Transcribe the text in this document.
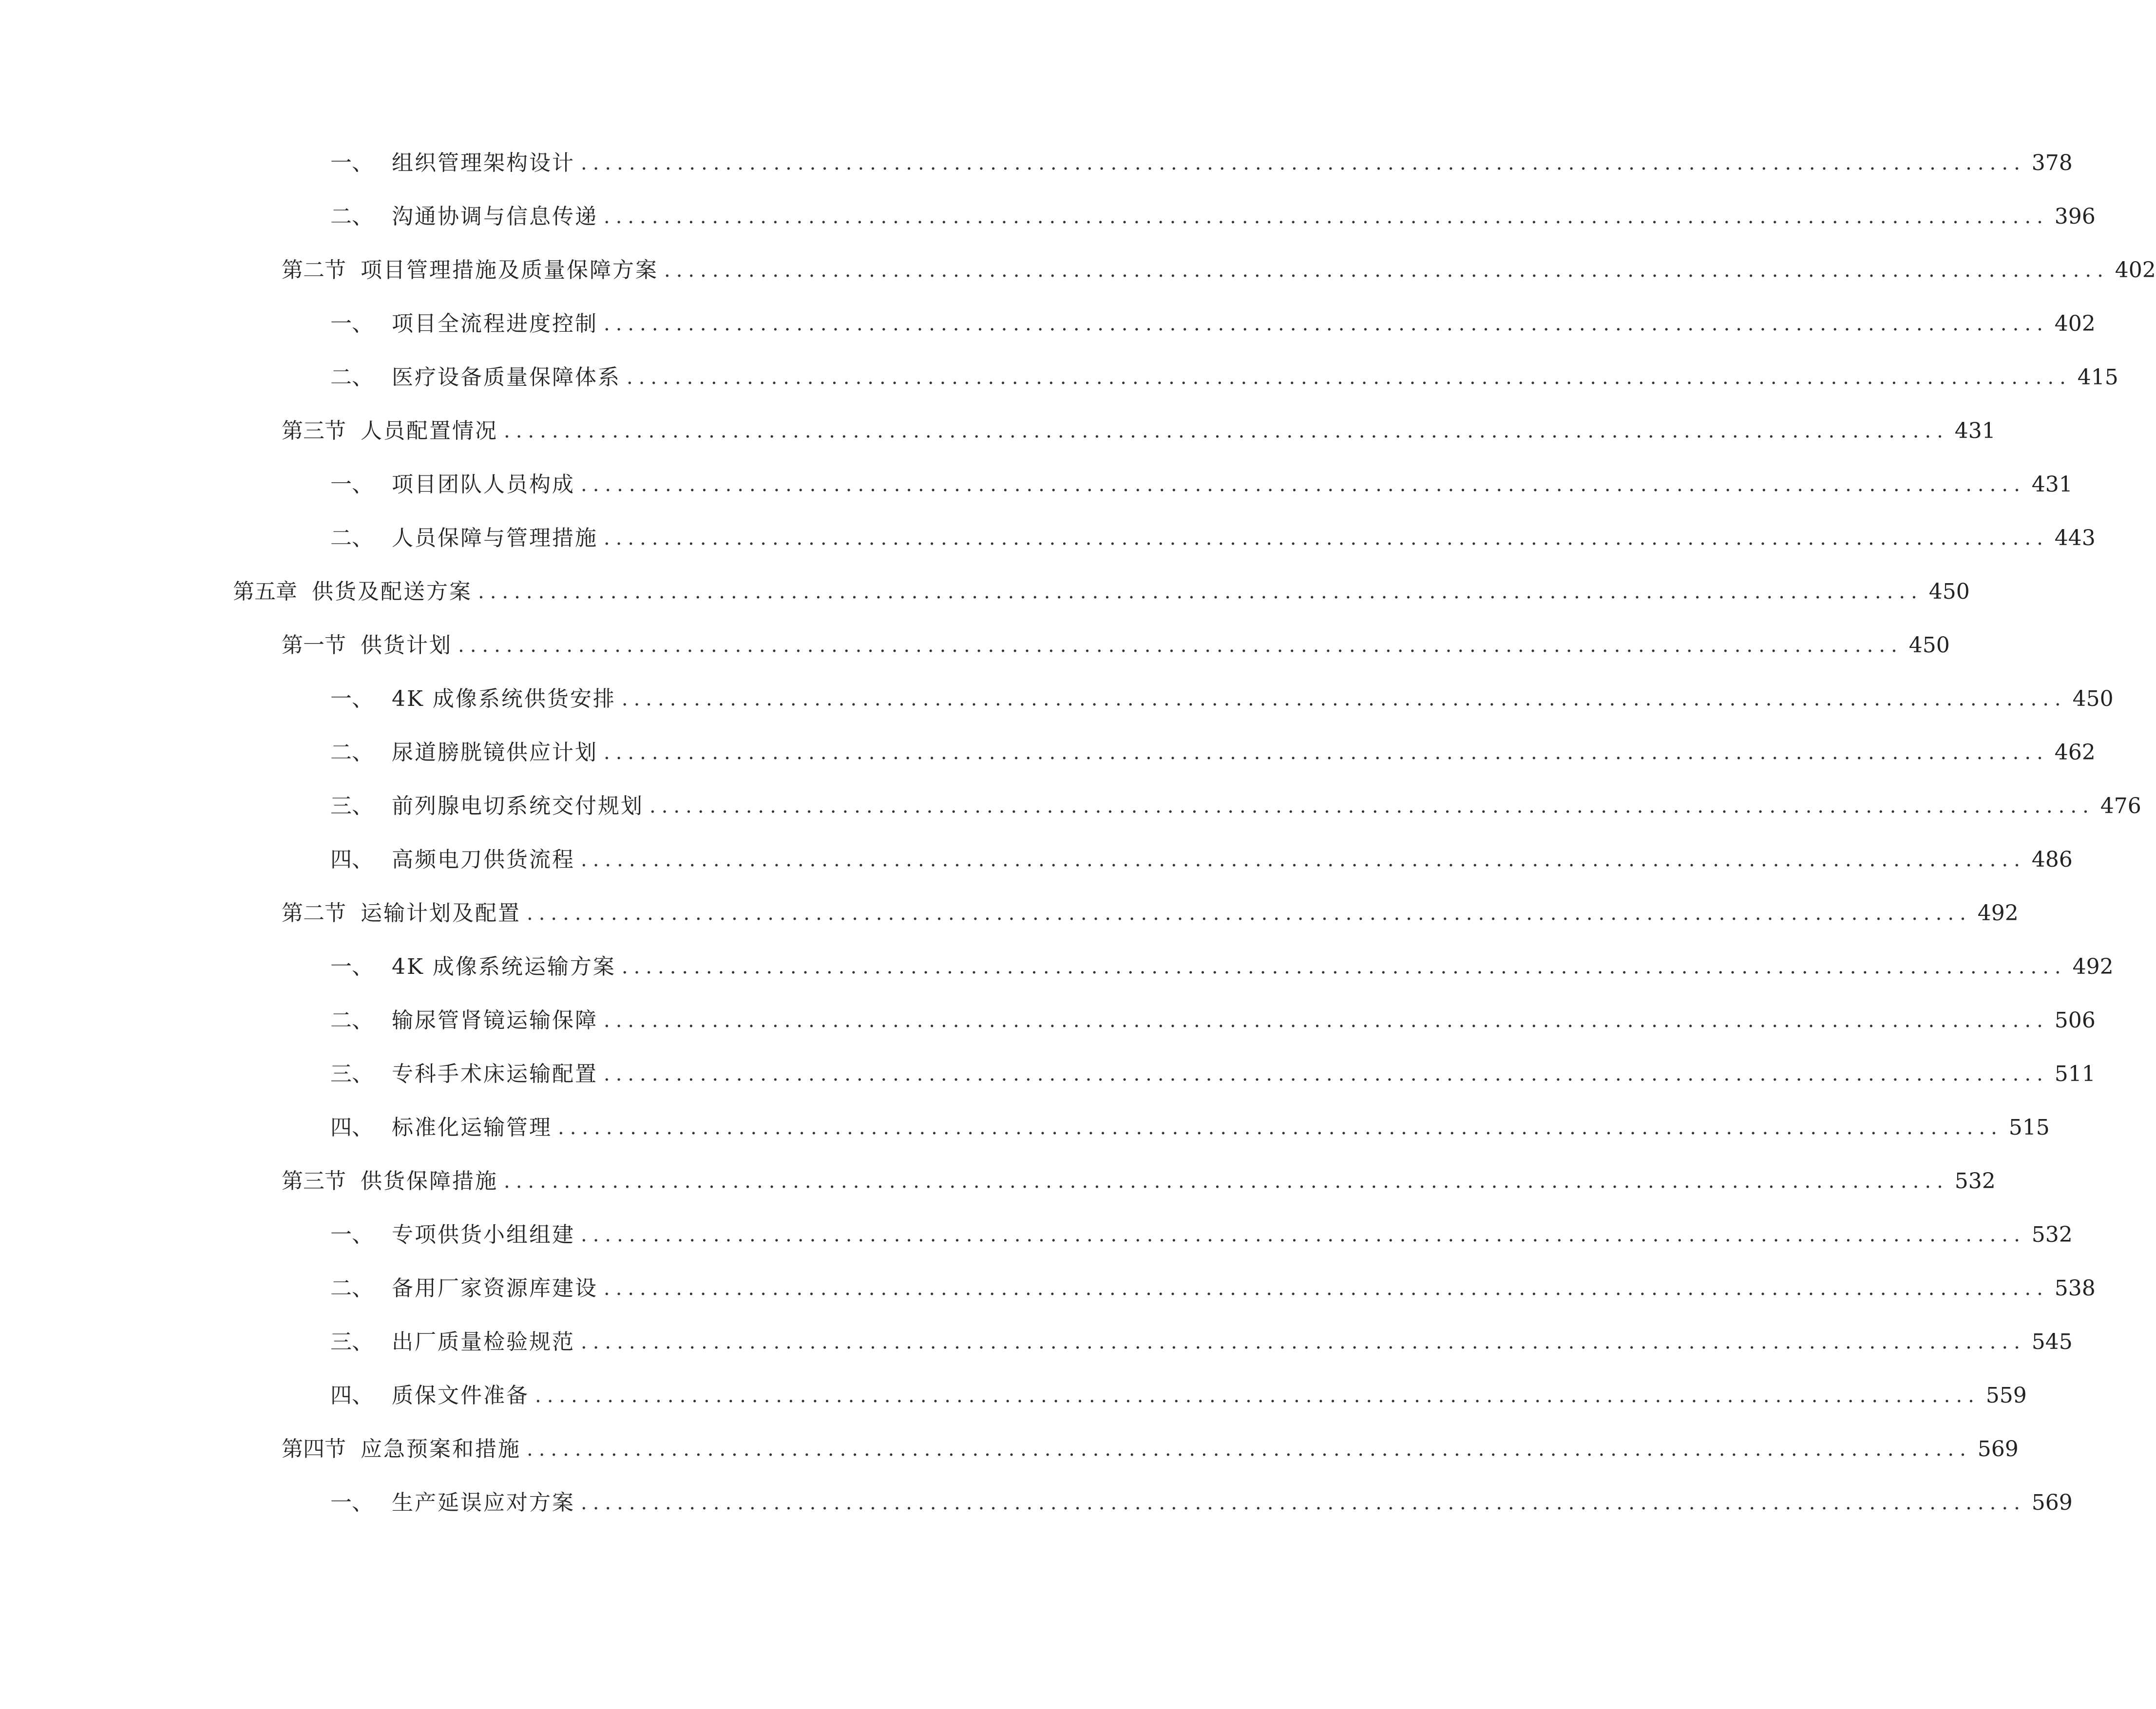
一、 组织管理架构设计 ........................................................................................................................ 378
二、 沟通协调与信息传递 ........................................................................................................................ 396
第二节 项目管理措施及质量保障方案 ........................................................................................................................ 402
一、 项目全流程进度控制 ........................................................................................................................ 402
二、 医疗设备质量保障体系 ........................................................................................................................ 415
第三节 人员配置情况 ........................................................................................................................ 431
一、 项目团队人员构成 ........................................................................................................................ 431
二、 人员保障与管理措施 ........................................................................................................................ 443
第五章 供货及配送方案 ........................................................................................................................ 450
第一节 供货计划 ........................................................................................................................ 450
一、 4K 成像系统供货安排 ........................................................................................................................ 450
二、 尿道膀胱镜供应计划 ........................................................................................................................ 462
三、 前列腺电切系统交付规划 ........................................................................................................................ 476
四、 高频电刀供货流程 ........................................................................................................................ 486
第二节 运输计划及配置 ........................................................................................................................ 492
一、 4K 成像系统运输方案 ........................................................................................................................ 492
二、 输尿管肾镜运输保障 ........................................................................................................................ 506
三、 专科手术床运输配置 ........................................................................................................................ 511
四、 标准化运输管理 ........................................................................................................................ 515
第三节 供货保障措施 ........................................................................................................................ 532
一、 专项供货小组组建 ........................................................................................................................ 532
二、 备用厂家资源库建设 ........................................................................................................................ 538
三、 出厂质量检验规范 ........................................................................................................................ 545
四、 质保文件准备 ........................................................................................................................ 559
第四节 应急预案和措施 ........................................................................................................................ 569
一、 生产延误应对方案 ........................................................................................................................ 569
